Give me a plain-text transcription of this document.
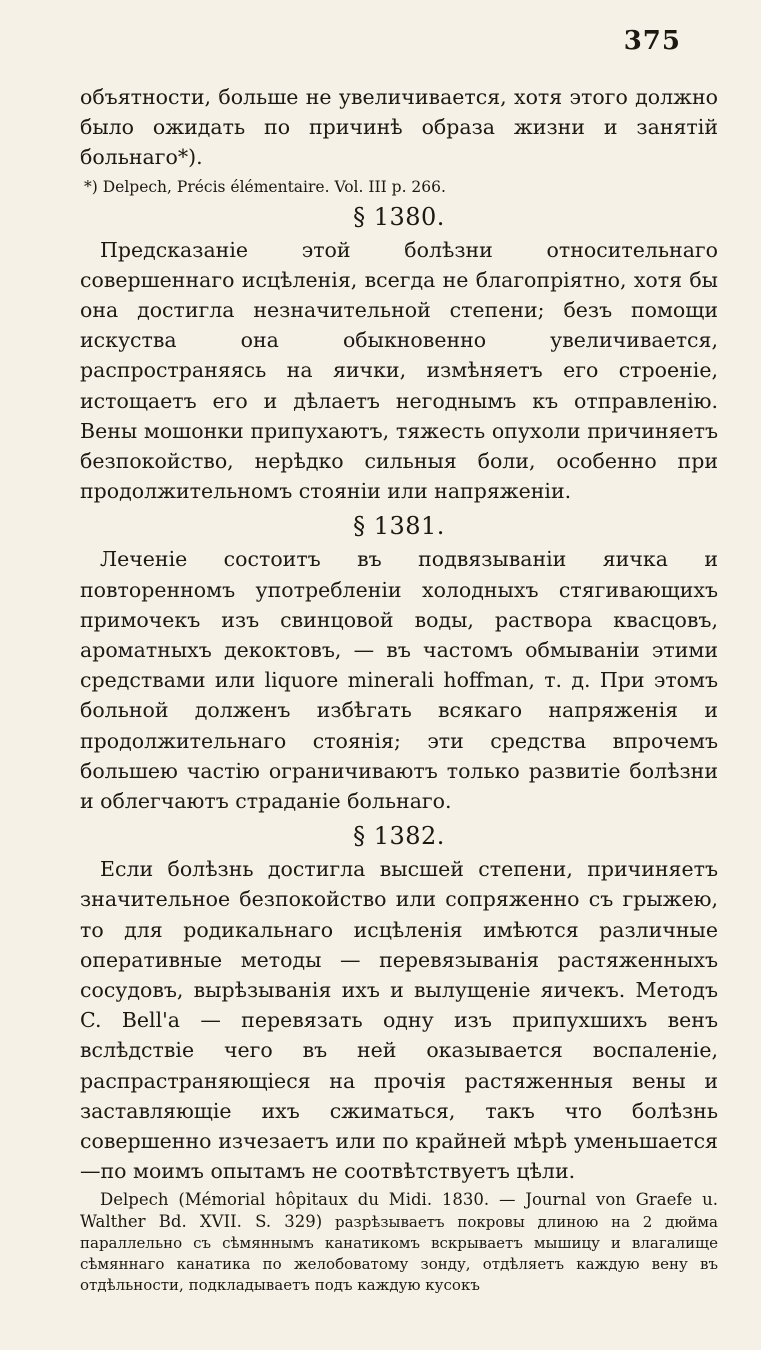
375

объятности, больше не увеличивается, хотя этого должно было ожидать по причинѣ образа жизни и занятій больнаго*).

*) Delpech, Précis élémentaire. Vol. III p. 266.

§ 1380.

Предсказаніе этой болѣзни относительнаго совершеннаго исцѣленія, всегда не благопріятно, хотя бы она достигла незначительной степени; безъ помощи искуства она обыкновенно увеличивается, распространяясь на яички, измѣняетъ его строеніе, истощаетъ его и дѣлаетъ негоднымъ къ отправленію. Вены мошонки припухаютъ, тяжесть опухоли причиняетъ безпокойство, нерѣдко сильныя боли, особенно при продолжительномъ стояніи или напряженіи.

§ 1381.

Леченіе состоитъ въ подвязываніи яичка и повторенномъ употребленіи холодныхъ стягивающихъ примочекъ изъ свинцовой воды, раствора квасцовъ, ароматныхъ декоктовъ, — въ частомъ обмываніи этими средствами или liquore minerali hoffman, т. д. При этомъ больной долженъ избѣгать всякаго напряженія и продолжительнаго стоянія; эти средства впрочемъ большею частію ограничиваютъ только развитіе болѣзни и облегчаютъ страданіе больнаго.

§ 1382.

Если болѣзнь достигла высшей степени, причиняетъ значительное безпокойство или сопряженно съ грыжею, то для родикальнаго исцѣленія имѣются различные оперативные методы — перевязыванія растяженныхъ сосудовъ, вырѣзыванія ихъ и вылущеніе яичекъ. Методъ C. Bell'a — перевязать одну изъ припухшихъ венъ вслѣдствіе чего въ ней оказывается воспаленіе, распрастраняющіеся на прочія растяженныя вены и заставляющіе ихъ сжиматься, такъ что болѣзнь совершенно изчезаетъ или по крайней мѣрѣ уменьшается—по моимъ опытамъ не соотвѣтствуетъ цѣли.

Delpech (Mémorial hôpitaux du Midi. 1830. — Journal von Graefe u. Walther Bd. XVII. S. 329) разрѣзываетъ покровы длиною на 2 дюйма параллельно съ сѣмяннымъ канатикомъ вскрываетъ мышицу и влагалище сѣмяннаго канатика по желобоватому зонду, отдѣляетъ каждую вену въ отдѣльности, подкладываетъ подъ каждую кусокъ
